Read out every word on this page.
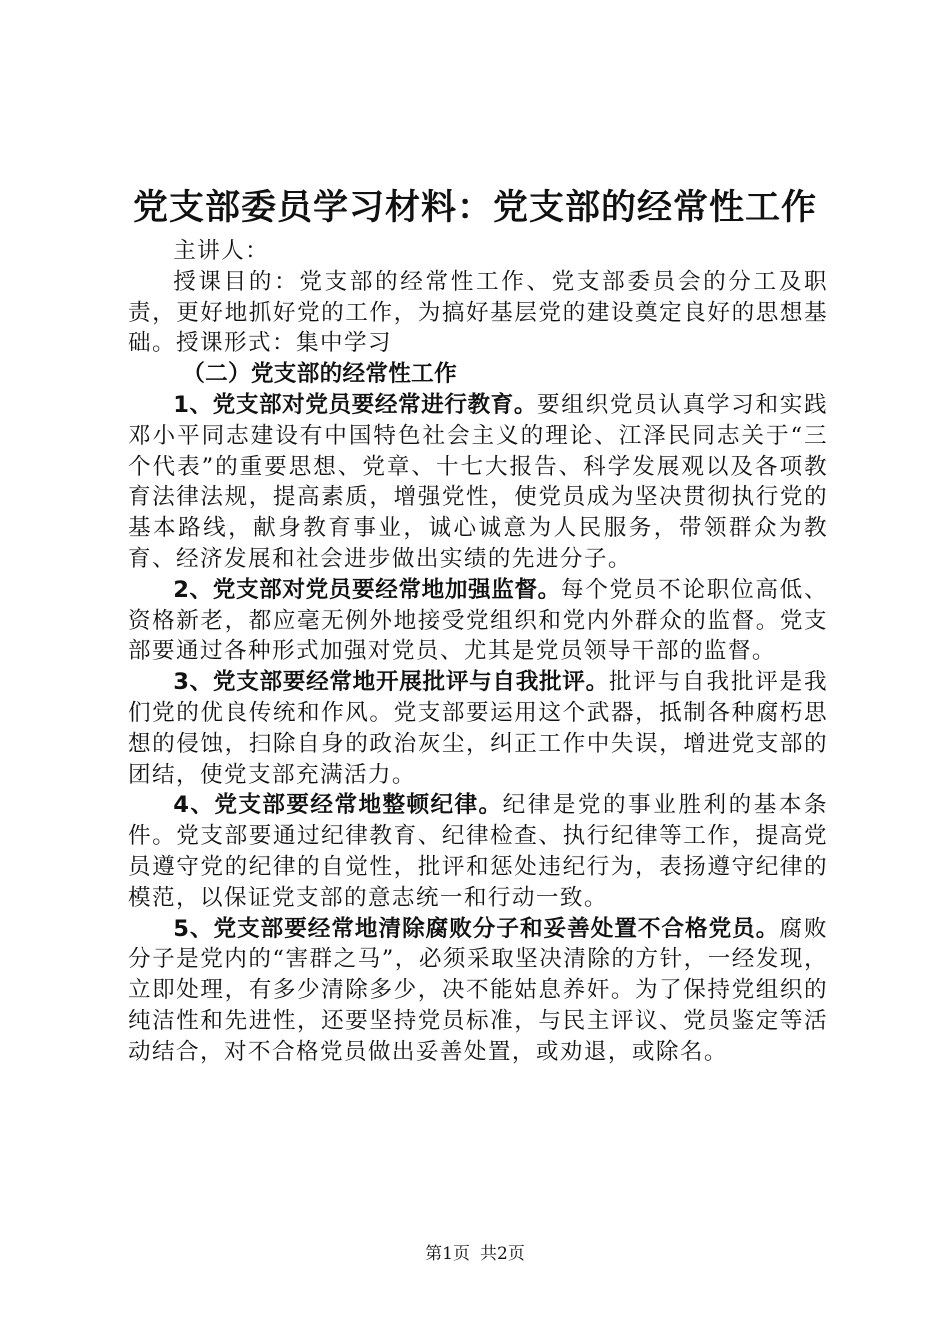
党支部委员学习材料：党支部的经常性工作

主讲人：

授课目的：党支部的经常性工作、党支部委员会的分工及职责，更好地抓好党的工作，为搞好基层党的建设奠定良好的思想基础。授课形式：集中学习

（二）党支部的经常性工作

1、党支部对党员要经常进行教育。要组织党员认真学习和实践邓小平同志建设有中国特色社会主义的理论、江泽民同志关于“三个代表”的重要思想、党章、十七大报告、科学发展观以及各项教育法律法规，提高素质，增强党性，使党员成为坚决贯彻执行党的基本路线，献身教育事业，诚心诚意为人民服务，带领群众为教育、经济发展和社会进步做出实绩的先进分子。

2、党支部对党员要经常地加强监督。每个党员不论职位高低、资格新老，都应毫无例外地接受党组织和党内外群众的监督。党支部要通过各种形式加强对党员、尤其是党员领导干部的监督。

3、党支部要经常地开展批评与自我批评。批评与自我批评是我们党的优良传统和作风。党支部要运用这个武器，抵制各种腐朽思想的侵蚀，扫除自身的政治灰尘，纠正工作中失误，增进党支部的团结，使党支部充满活力。

4、党支部要经常地整顿纪律。纪律是党的事业胜利的基本条件。党支部要通过纪律教育、纪律检查、执行纪律等工作，提高党员遵守党的纪律的自觉性，批评和惩处违纪行为，表扬遵守纪律的模范，以保证党支部的意志统一和行动一致。

5、党支部要经常地清除腐败分子和妥善处置不合格党员。腐败分子是党内的“害群之马”，必须采取坚决清除的方针，一经发现，立即处理，有多少清除多少，决不能姑息养奸。为了保持党组织的纯洁性和先进性，还要坚持党员标准，与民主评议、党员鉴定等活动结合，对不合格党员做出妥善处置，或劝退，或除名。

第1页 共2页
